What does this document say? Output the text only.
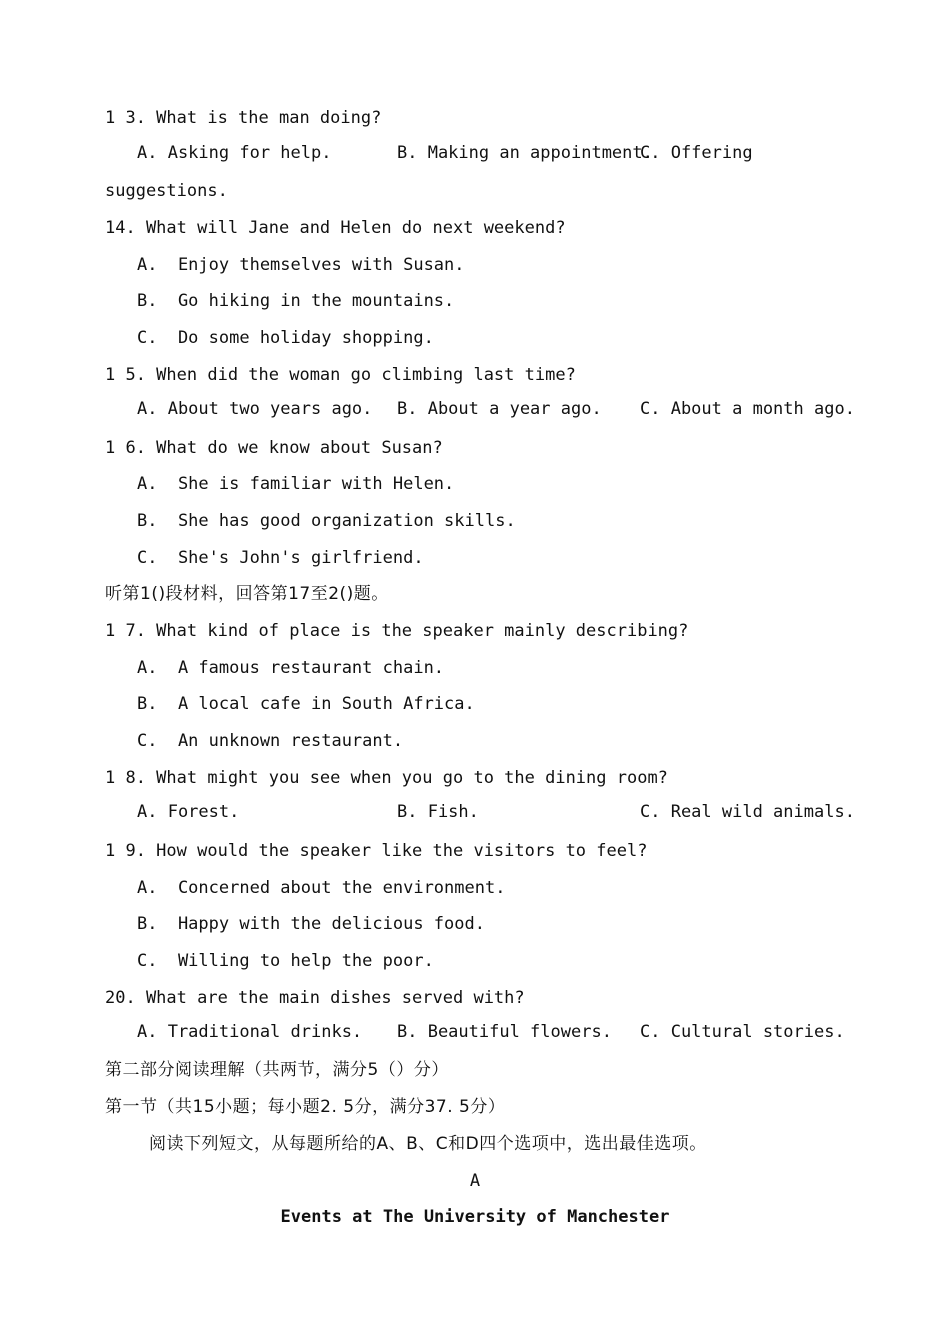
1 3. What is the man doing?
A. Asking for help.	B. Making an appointment.
C. Offering
suggestions.
14. What will Jane and Helen do next weekend?
A.  Enjoy themselves with Susan.
B.  Go hiking in the mountains.
C.  Do some holiday shopping.
1 5. When did the woman go climbing last time?
A. About two years ago. B. About a year ago. C. About a month ago.
1 6. What do we know about Susan?
A.  She is familiar with Helen.
B.  She has good organization skills.
C.  She's John's girlfriend.
听第1()段材料，回答第17至2()题。
1 7. What kind of place is the speaker mainly describing?
A.  A famous restaurant chain.
B.  A local cafe in South Africa.
C.  An unknown restaurant.
1 8. What might you see when you go to the dining room?
A. Forest.	B. Fish.	C. Real wild animals.
1 9. How would the speaker like the visitors to feel?
A.  Concerned about the environment.
B.  Happy with the delicious food.
C.  Willing to help the poor.
20. What are the main dishes served with?
A. Traditional drinks. B. Beautiful flowers. C. Cultural stories.
第二部分阅读理解（共两节，满分5（）分）
第一节（共15小题；每小题2. 5分，满分37. 5分）
阅读下列短文，从每题所给的A、B、C和D四个选项中，选出最佳选项。
A
Events at The University of Manchester
